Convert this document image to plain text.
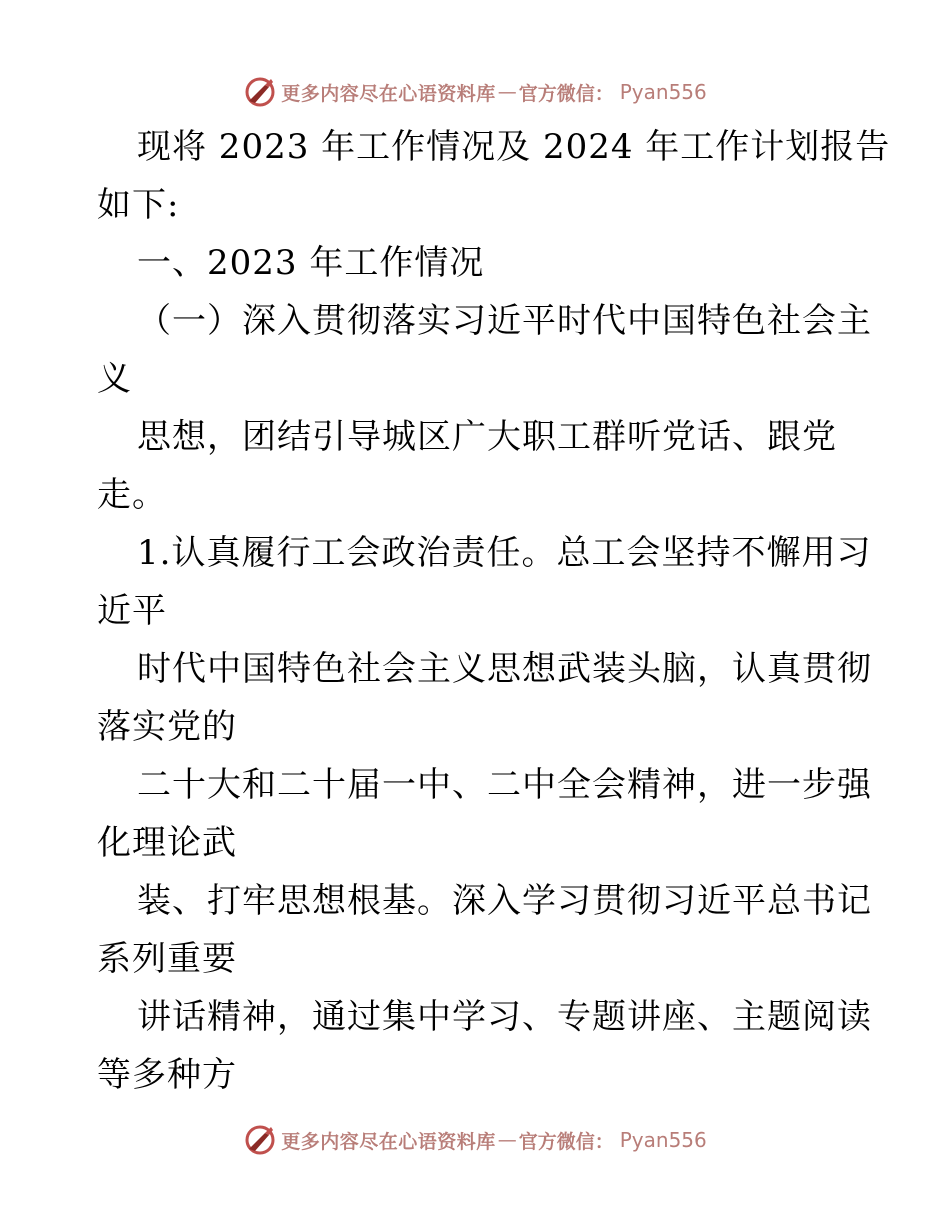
更多内容尽在心语资料库 — 官方微信： Pyan556
现将 2023 年工作情况及 2024 年工作计划报告
如下:
一、2023 年工作情况
（一）深入贯彻落实习近平时代中国特色社会主
义
思想，团结引导城区广大职工群听党话、跟党
走。
1.认真履行工会政治责任。总工会坚持不懈用习
近平
时代中国特色社会主义思想武装头脑，认真贯彻
落实党的
二十大和二十届一中、二中全会精神，进一步强
化理论武
装、打牢思想根基。深入学习贯彻习近平总书记
系列重要
讲话精神，通过集中学习、专题讲座、主题阅读
等多种方
更多内容尽在心语资料库 — 官方微信： Pyan556
